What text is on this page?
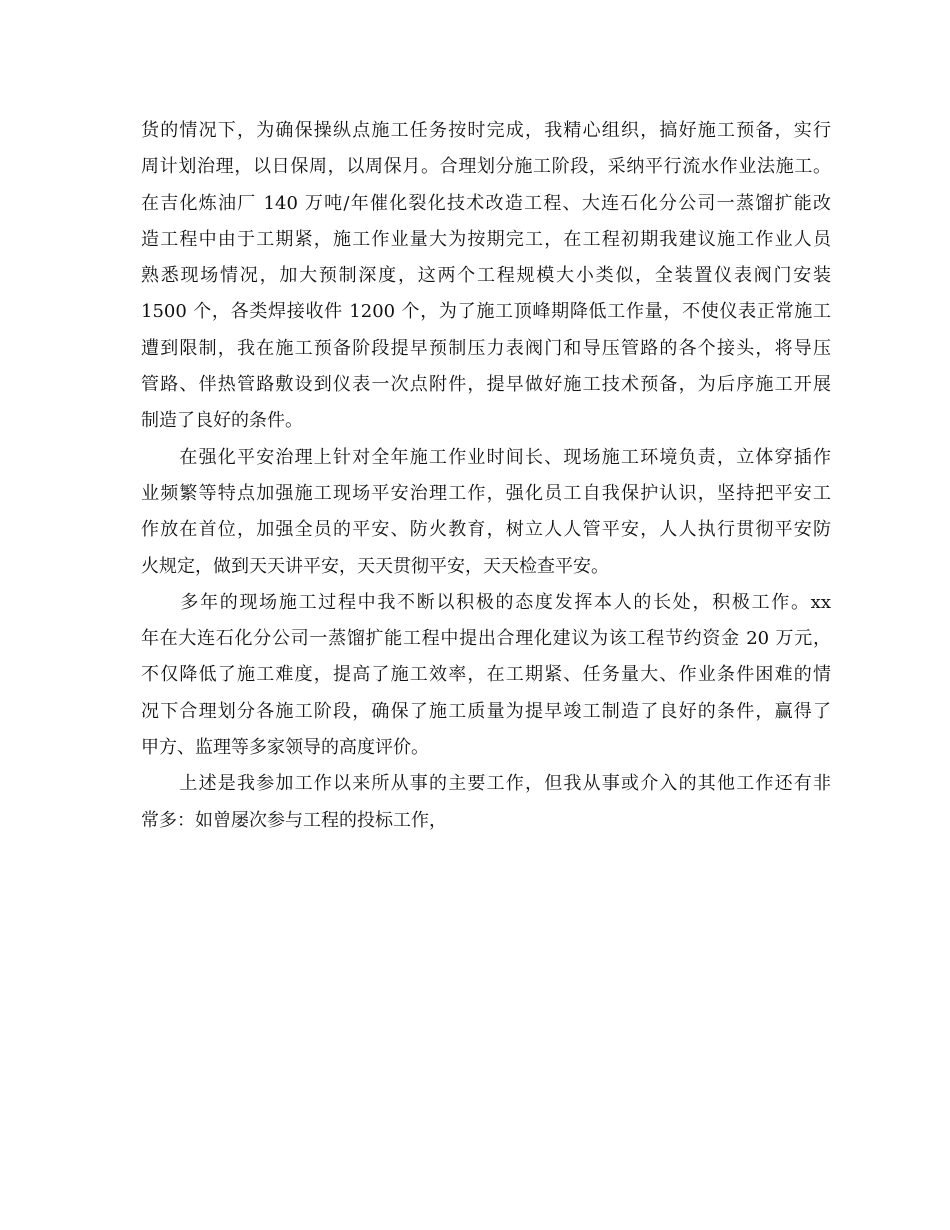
货的情况下，为确保操纵点施工任务按时完成，我精心组织，搞好施工预备，实行
周计划治理，以日保周，以周保月。合理划分施工阶段，采纳平行流水作业法施工。
在吉化炼油厂 140 万吨/年催化裂化技术改造工程、大连石化分公司一蒸馏扩能改
造工程中由于工期紧，施工作业量大为按期完工，在工程初期我建议施工作业人员
熟悉现场情况，加大预制深度，这两个工程规模大小类似，全装置仪表阀门安装
1500 个，各类焊接收件 1200 个，为了施工顶峰期降低工作量，不使仪表正常施工
遭到限制，我在施工预备阶段提早预制压力表阀门和导压管路的各个接头，将导压
管路、伴热管路敷设到仪表一次点附件，提早做好施工技术预备，为后序施工开展
制造了良好的条件。
　　在强化平安治理上针对全年施工作业时间长、现场施工环境负责，立体穿插作
业频繁等特点加强施工现场平安治理工作，强化员工自我保护认识，坚持把平安工
作放在首位，加强全员的平安、防火教育，树立人人管平安，人人执行贯彻平安防
火规定，做到天天讲平安，天天贯彻平安，天天检查平安。
　　多年的现场施工过程中我不断以积极的态度发挥本人的长处，积极工作。xx
年在大连石化分公司一蒸馏扩能工程中提出合理化建议为该工程节约资金 20 万元，
不仅降低了施工难度，提高了施工效率，在工期紧、任务量大、作业条件困难的情
况下合理划分各施工阶段，确保了施工质量为提早竣工制造了良好的条件，赢得了
甲方、监理等多家领导的高度评价。
　　上述是我参加工作以来所从事的主要工作，但我从事或介入的其他工作还有非
常多：如曾屡次参与工程的投标工作，
